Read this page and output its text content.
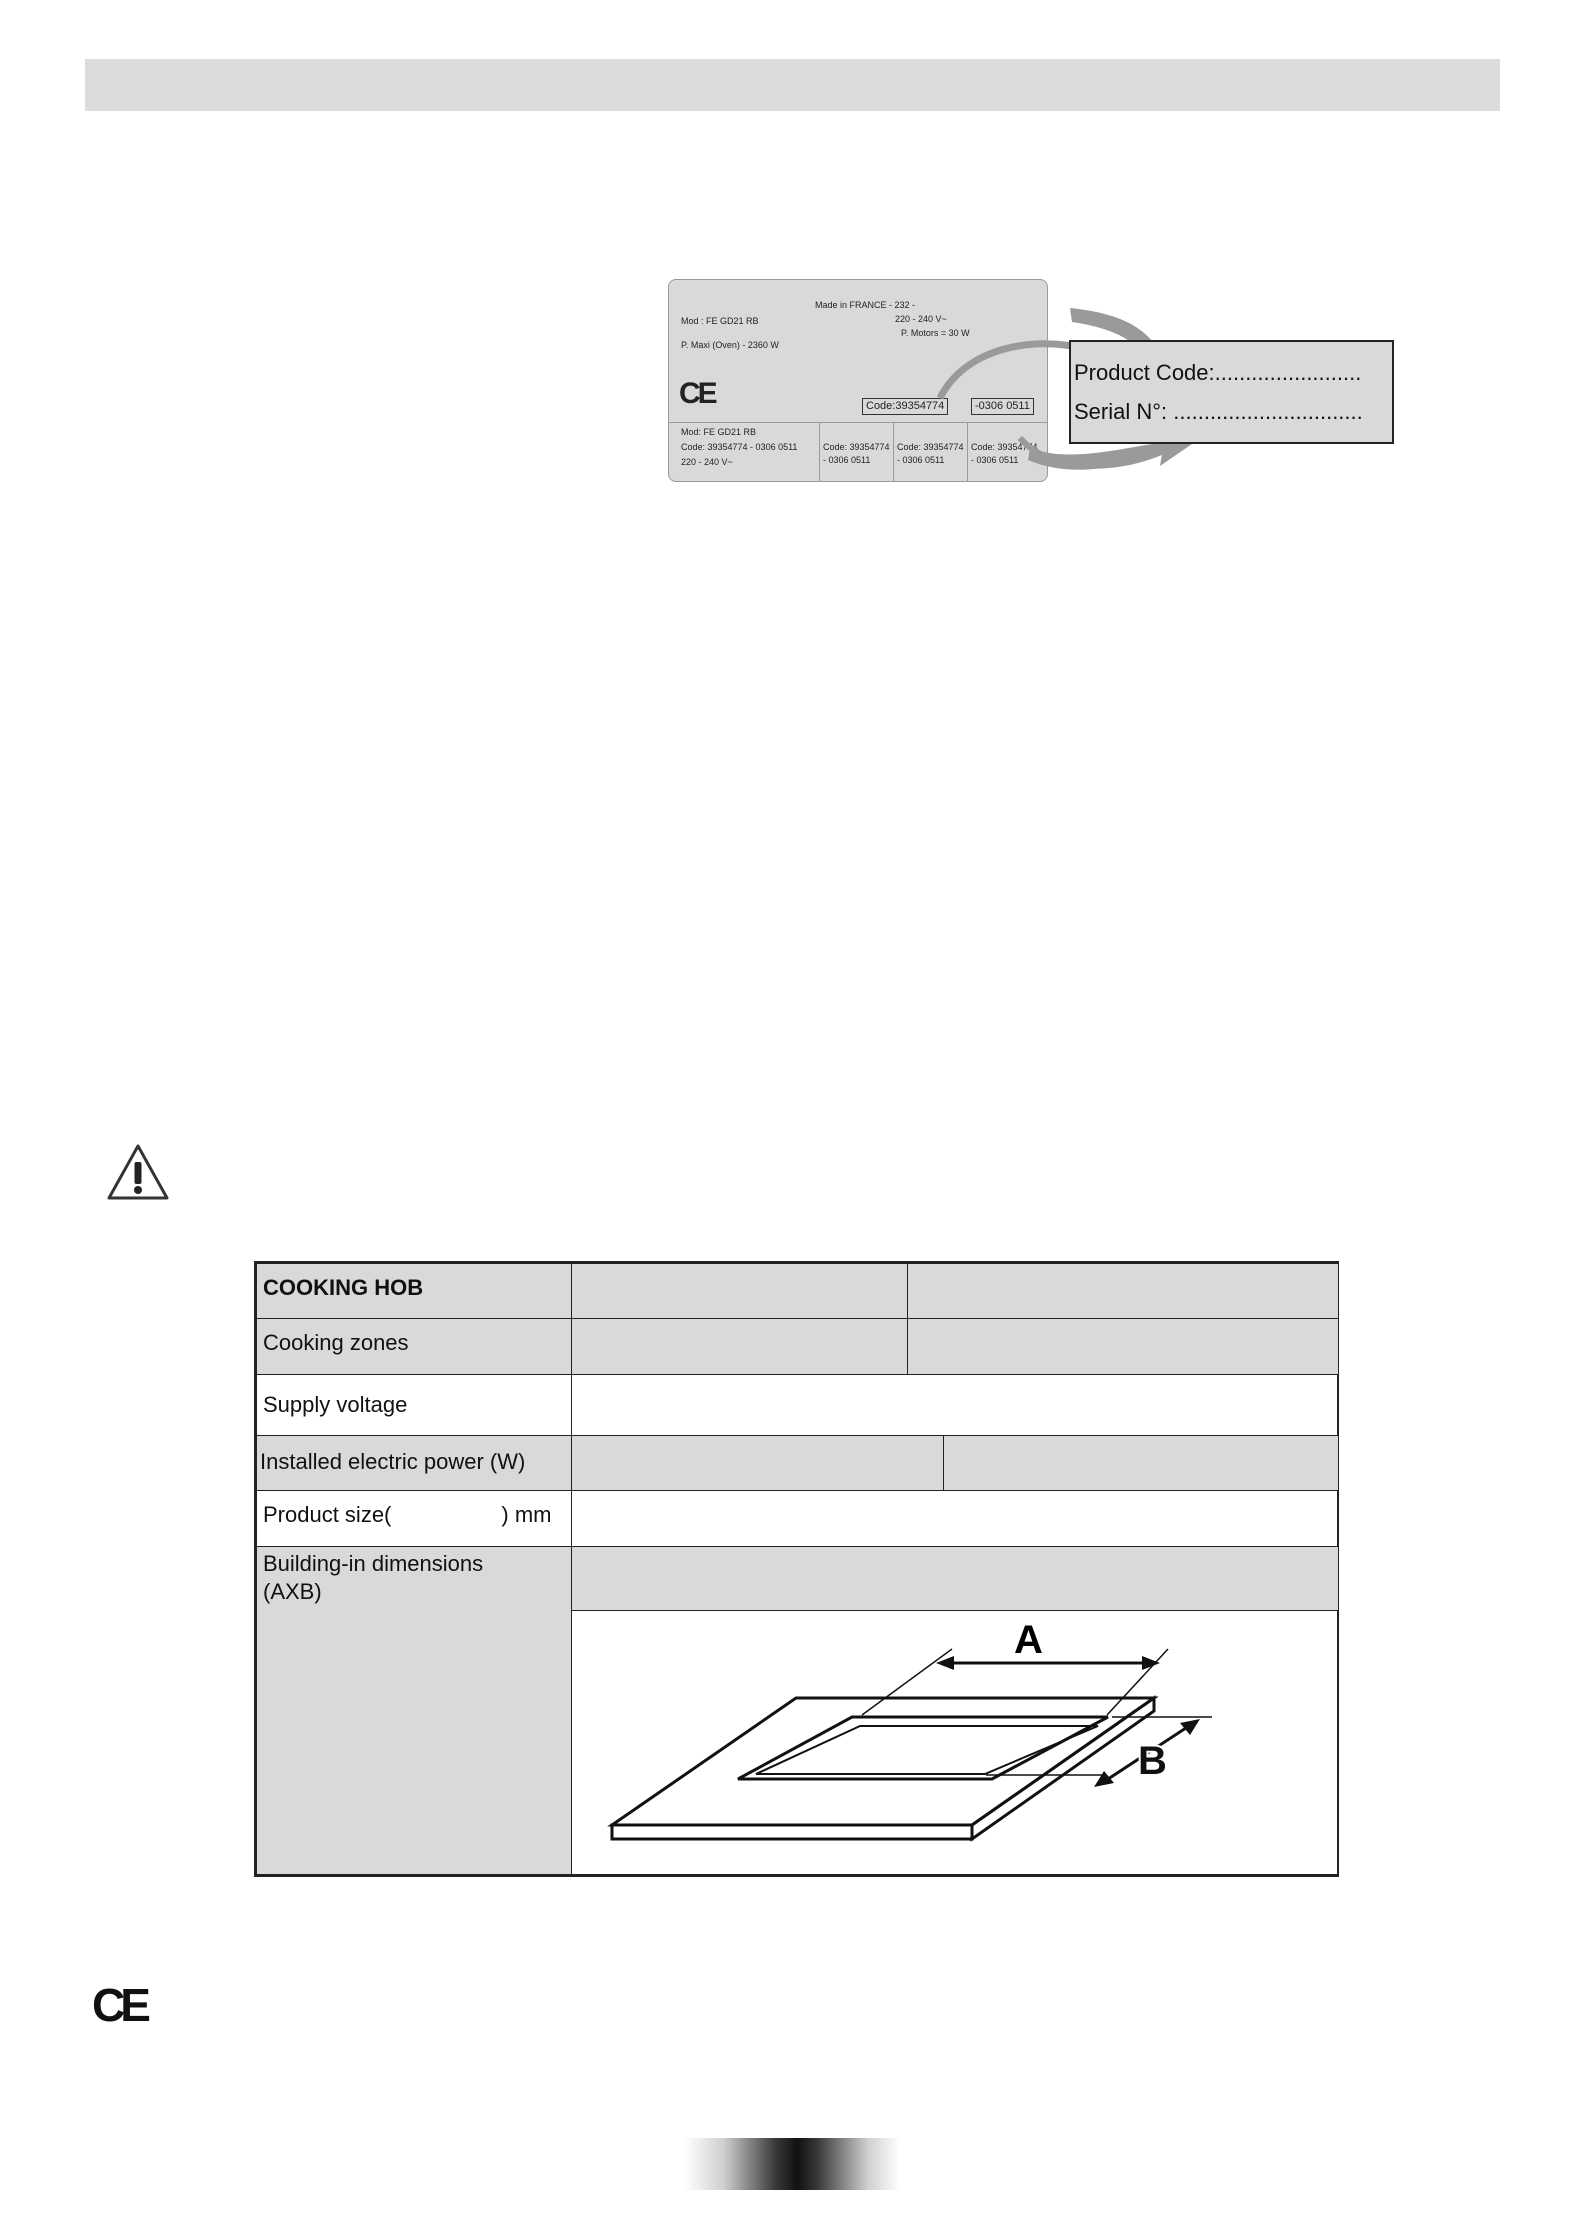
Made in FRANCE - 232 -
Mod : FE GD21 RB	220 - 240 V~
P. Motors = 30 W
P. Maxi (Oven) - 2360 W
CE	Code:39354774	-0306 0511
Mod: FE GD21 RB
Code: 39354774 - 0306 0511
220 - 240 V~
Code: 39354774
- 0306 0511
Code: 39354774
- 0306 0511
Code: 39354774
- 0306 0511
Product Code:........................
Serial N°: ...............................
COOKING HOB
Cooking zones
Supply voltage
Installed electric power (W)
Product size(	) mm
Building-in dimensions
(AXB)
A
B
CE
